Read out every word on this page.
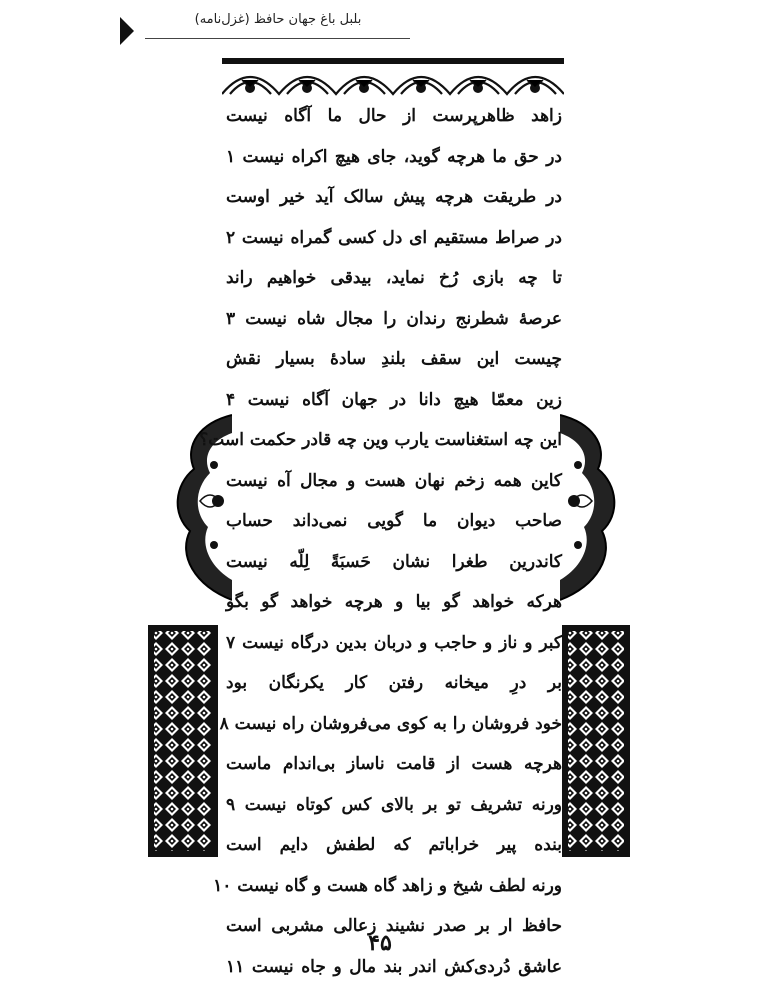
بلبل باغ جهان حافظ (غزل‌نامه)
زاهد ظاهرپرست از حال ما آگاه نیست
در حق ما هرچه گوید، جای هیچ اکراه نیست ۱
در طریقت هرچه پیش سالک آید خیر اوست
در صراط مستقیم ای دل کسی گمراه نیست ۲
تا چه بازی رُخ نماید، بیدقی خواهیم راند
عرصهٔ شطرنج رندان را مجال شاه نیست ۳
چیست این سقف بلندِ سادهٔ بسیار نقش
زین معمّا هیچ دانا در جهان آگاه نیست ۴
این چه استغناست یارب وین چه قادر حکمت است؟
کاین همه زخم نهان هست و مجال آه نیست
صاحب دیوان ما گویی نمی‌داند حساب
کاندرین طغرا نشان حَسبَةً لِلّه نیست
هرکه خواهد گو بیا و هرچه خواهد گو بگو
کبر و ناز و حاجب و دربان بدین درگاه نیست ۷
بر درِ میخانه رفتن کار یکرنگان بود
خود فروشان را به کوی می‌فروشان راه نیست ۸
هرچه هست از قامت ناساز بی‌اندام ماست
ورنه تشریف تو بر بالای کس کوتاه نیست ۹
بنده پیر خراباتم که لطفش دایم است
ورنه لطف شیخ و زاهد گاه هست و گاه نیست ۱۰
حافظ ار بر صدر نشیند زعالی مشربی است
عاشق دُردی‌کش اندر بند مال و جاه نیست ۱۱
۴۵
